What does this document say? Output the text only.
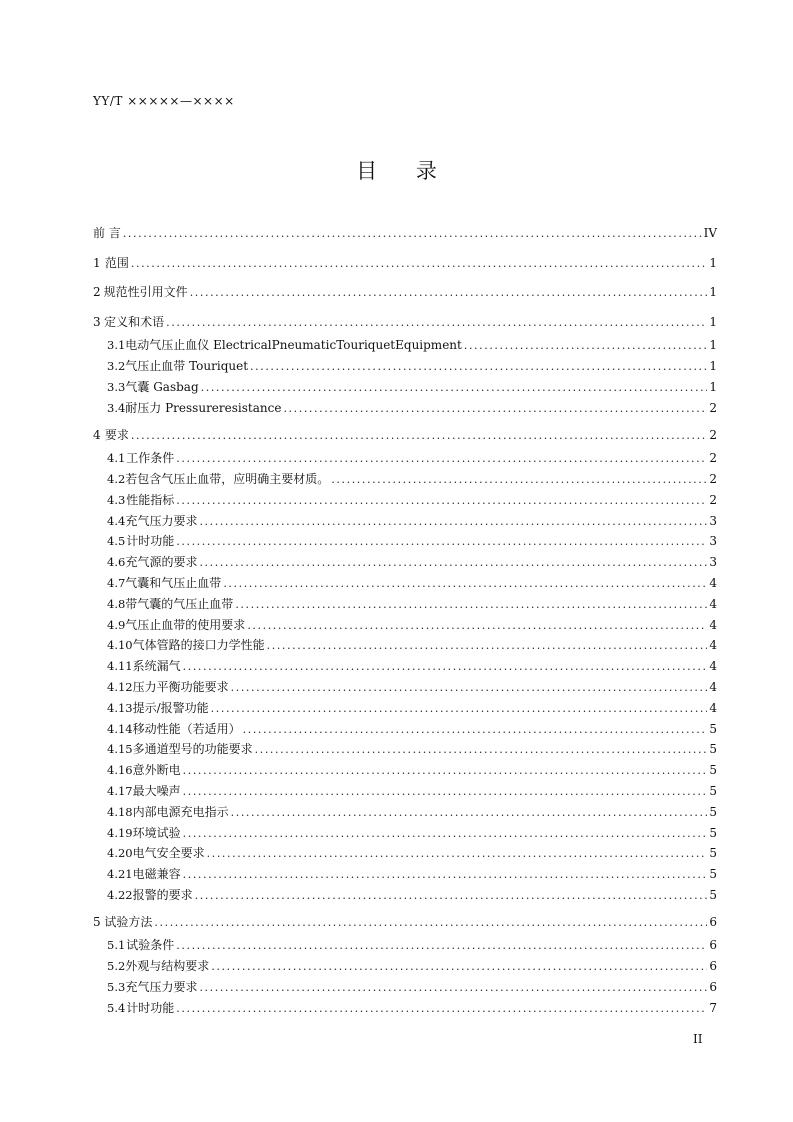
YY/T ×××××—××××
目 录
前 言 .....	IV
1 范围 .....	1
2 规范性引用文件 .....	1
3 定义和术语 .....	1
3.1 电动气压止血仪 ElectricalPneumaticTouriquetEquipment .....	1
3.2 气压止血带 Touriquet .....	1
3.3 气囊 Gasbag .....	1
3.4 耐压力 Pressureresistance .....	2
4 要求 .....	2
4.1 工作条件 .....	2
4.2 若包含气压止血带，应明确主要材质。 .....	2
4.3 性能指标 .....	2
4.4 充气压力要求 .....	3
4.5 计时功能 .....	3
4.6 充气源的要求 .....	3
4.7 气囊和气压止血带 .....	4
4.8 带气囊的气压止血带 .....	4
4.9 气压止血带的使用要求 .....	4
4.10 气体管路的接口力学性能 .....	4
4.11 系统漏气 .....	4
4.12 压力平衡功能要求 .....	4
4.13 提示/报警功能 .....	4
4.14 移动性能（若适用） .....	5
4.15 多通道型号的功能要求 .....	5
4.16 意外断电 .....	5
4.17 最大噪声 .....	5
4.18 内部电源充电指示 .....	5
4.19 环境试验 .....	5
4.20 电气安全要求 .....	5
4.21 电磁兼容 .....	5
4.22 报警的要求 .....	5
5 试验方法 .....	6
5.1 试验条件 .....	6
5.2 外观与结构要求 .....	6
5.3 充气压力要求 .....	6
5.4 计时功能 .....	7
II
